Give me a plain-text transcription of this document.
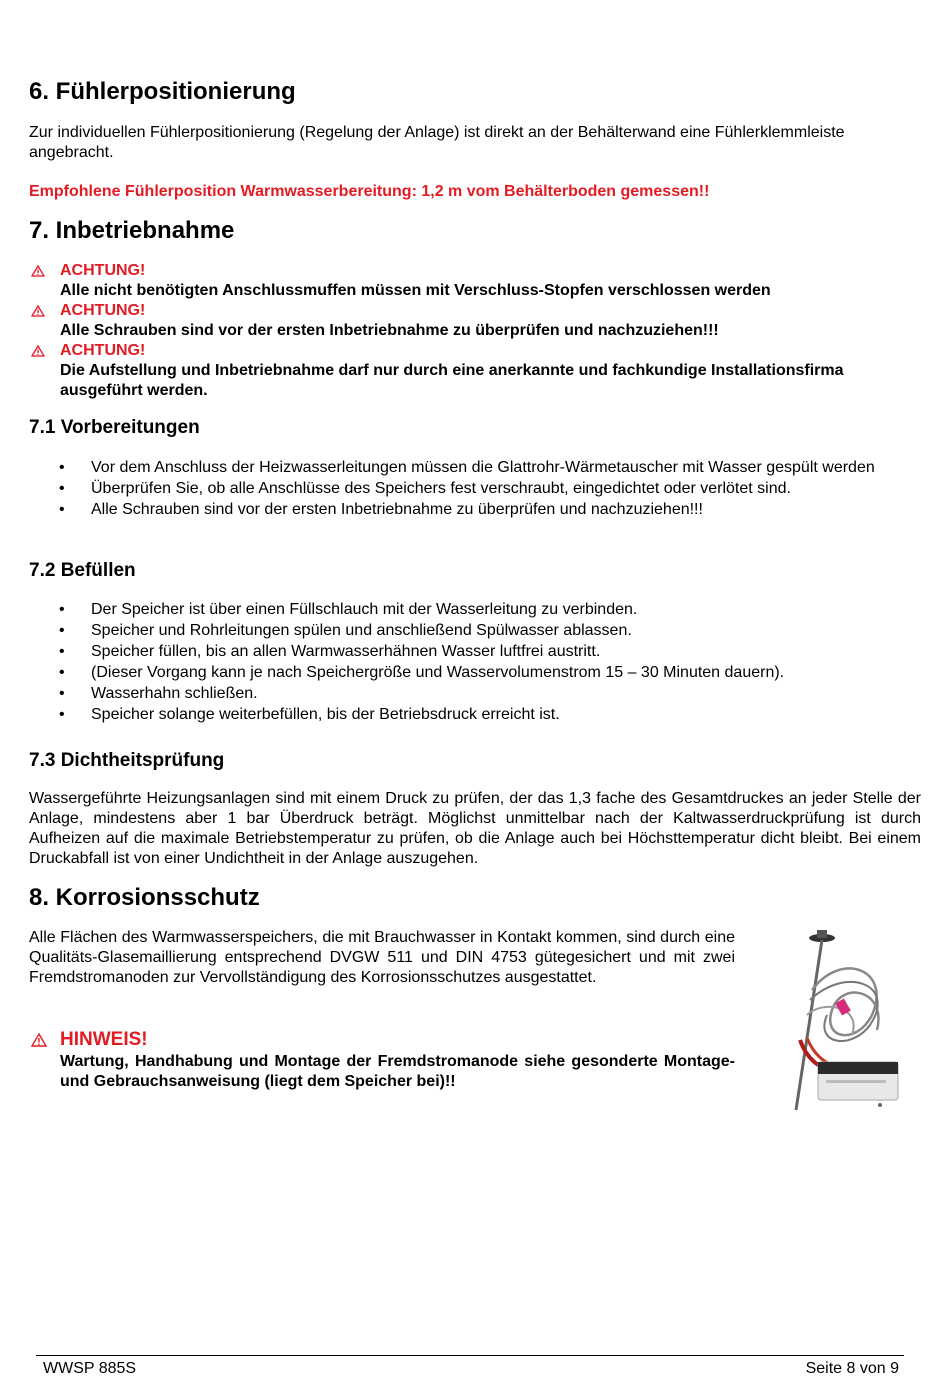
6. Fühlerpositionierung

Zur individuellen Fühlerpositionierung (Regelung der Anlage) ist direkt an der Behälterwand eine Fühlerklemmleiste angebracht.

Empfohlene Fühlerposition Warmwasserbereitung: 1,2 m vom Behälterboden gemessen!!

7. Inbetriebnahme
ACHTUNG!
Alle nicht benötigten Anschlussmuffen müssen mit Verschluss-Stopfen verschlossen werden
ACHTUNG!
Alle Schrauben sind vor der ersten Inbetriebnahme zu überprüfen und nachzuziehen!!!
ACHTUNG!
Die Aufstellung und Inbetriebnahme darf nur durch eine anerkannte und fachkundige Installationsfirma ausgeführt werden.
7.1 Vorbereitungen
•	Vor dem Anschluss der Heizwasserleitungen müssen die Glattrohr-Wärmetauscher mit Wasser gespült werden
•	Überprüfen Sie, ob alle Anschlüsse des Speichers fest verschraubt, eingedichtet oder verlötet sind.
•	Alle Schrauben sind vor der ersten Inbetriebnahme zu überprüfen und nachzuziehen!!!
7.2 Befüllen
•	Der Speicher ist über einen Füllschlauch mit der Wasserleitung zu verbinden.
•	Speicher und Rohrleitungen spülen und anschließend Spülwasser ablassen.
•	Speicher füllen, bis an allen Warmwasserhähnen Wasser luftfrei austritt.
•	(Dieser Vorgang kann je nach Speichergröße und Wasservolumenstrom 15 – 30 Minuten dauern).
•	Wasserhahn schließen.
•	Speicher solange weiterbefüllen, bis der Betriebsdruck erreicht ist.
7.3 Dichtheitsprüfung

Wassergeführte Heizungsanlagen sind mit einem Druck zu prüfen, der das 1,3 fache des Gesamtdruckes an jeder Stelle der Anlage, mindestens aber 1 bar Überdruck beträgt. Möglichst unmittelbar nach der Kaltwasserdruckprüfung ist durch Aufheizen auf die maximale Betriebstemperatur zu prüfen, ob die Anlage auch bei Höchsttemperatur dicht bleibt. Bei einem Druckabfall ist von einer Undichtheit in der Anlage auszugehen.

8. Korrosionsschutz

Alle Flächen des Warmwasserspeichers, die mit Brauchwasser in Kontakt kommen, sind durch eine Qualitäts-Glasemaillierung entsprechend DVGW 511 und DIN 4753 gütegesichert und mit zwei Fremdstromanoden zur Vervollständigung des Korrosionsschutzes ausgestattet.

HINWEIS!
Wartung, Handhabung und Montage der Fremdstromanode siehe gesonderte Montage- und Gebrauchsanweisung (liegt dem Speicher bei)!!
WWSP 885S	Seite 8 von 9
